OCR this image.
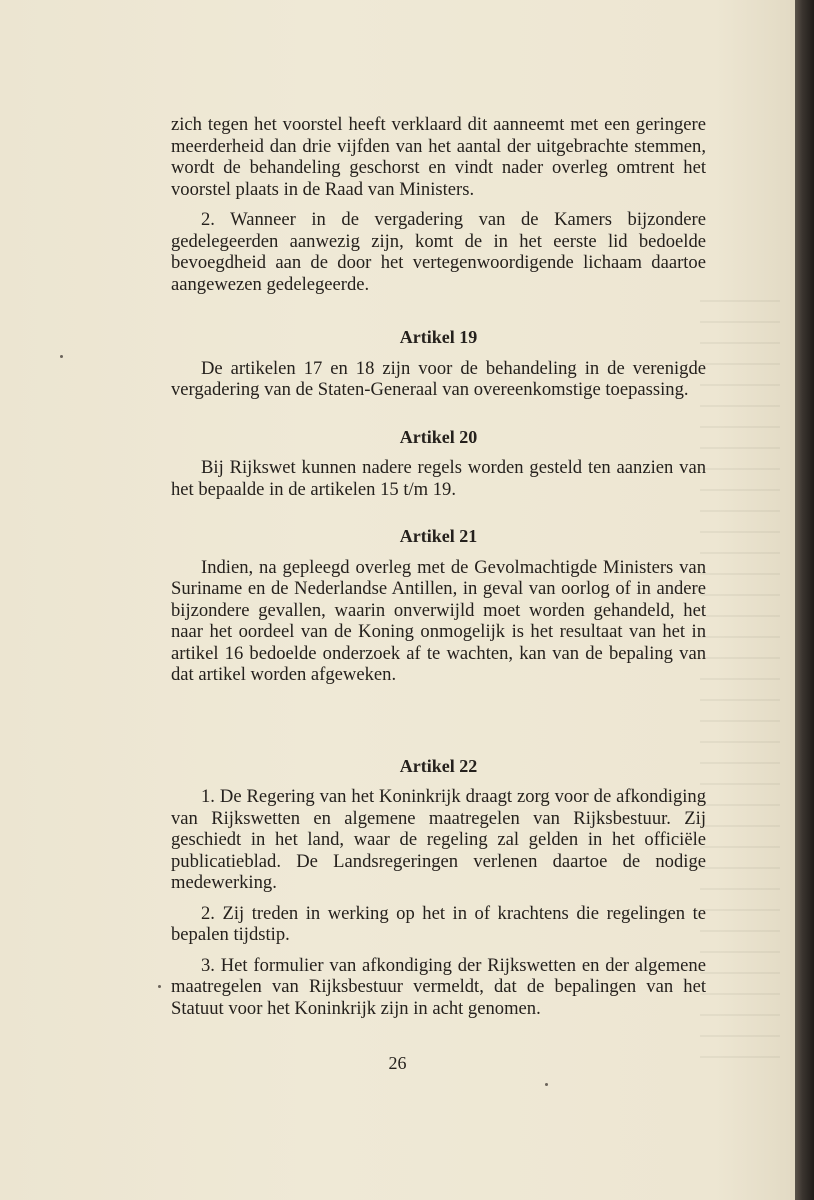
zich tegen het voorstel heeft verklaard dit aanneemt met een geringere meerderheid dan drie vijfden van het aantal der uitgebrachte stemmen, wordt de behandeling geschorst en vindt nader overleg omtrent het voorstel plaats in de Raad van Ministers.

2. Wanneer in de vergadering van de Kamers bijzondere gedelegeerden aanwezig zijn, komt de in het eerste lid bedoelde bevoegdheid aan de door het vertegenwoordigende lichaam daartoe aangewezen gedelegeerde.

Artikel 19

De artikelen 17 en 18 zijn voor de behandeling in de verenigde vergadering van de Staten-Generaal van overeenkomstige toepassing.

Artikel 20

Bij Rijkswet kunnen nadere regels worden gesteld ten aanzien van het bepaalde in de artikelen 15 t/m 19.

Artikel 21

Indien, na gepleegd overleg met de Gevolmachtigde Ministers van Suriname en de Nederlandse Antillen, in geval van oorlog of in andere bijzondere gevallen, waarin onverwijld moet worden gehandeld, het naar het oordeel van de Koning onmogelijk is het resultaat van het in artikel 16 bedoelde onderzoek af te wachten, kan van de bepaling van dat artikel worden afgeweken.

Artikel 22

1. De Regering van het Koninkrijk draagt zorg voor de afkondiging van Rijkswetten en algemene maatregelen van Rijksbestuur. Zij geschiedt in het land, waar de regeling zal gelden in het officiële publicatieblad. De Landsregeringen verlenen daartoe de nodige medewerking.

2. Zij treden in werking op het in of krachtens die regelingen te bepalen tijdstip.

3. Het formulier van afkondiging der Rijkswetten en der algemene maatregelen van Rijksbestuur vermeldt, dat de bepalingen van het Statuut voor het Koninkrijk zijn in acht genomen.

26
